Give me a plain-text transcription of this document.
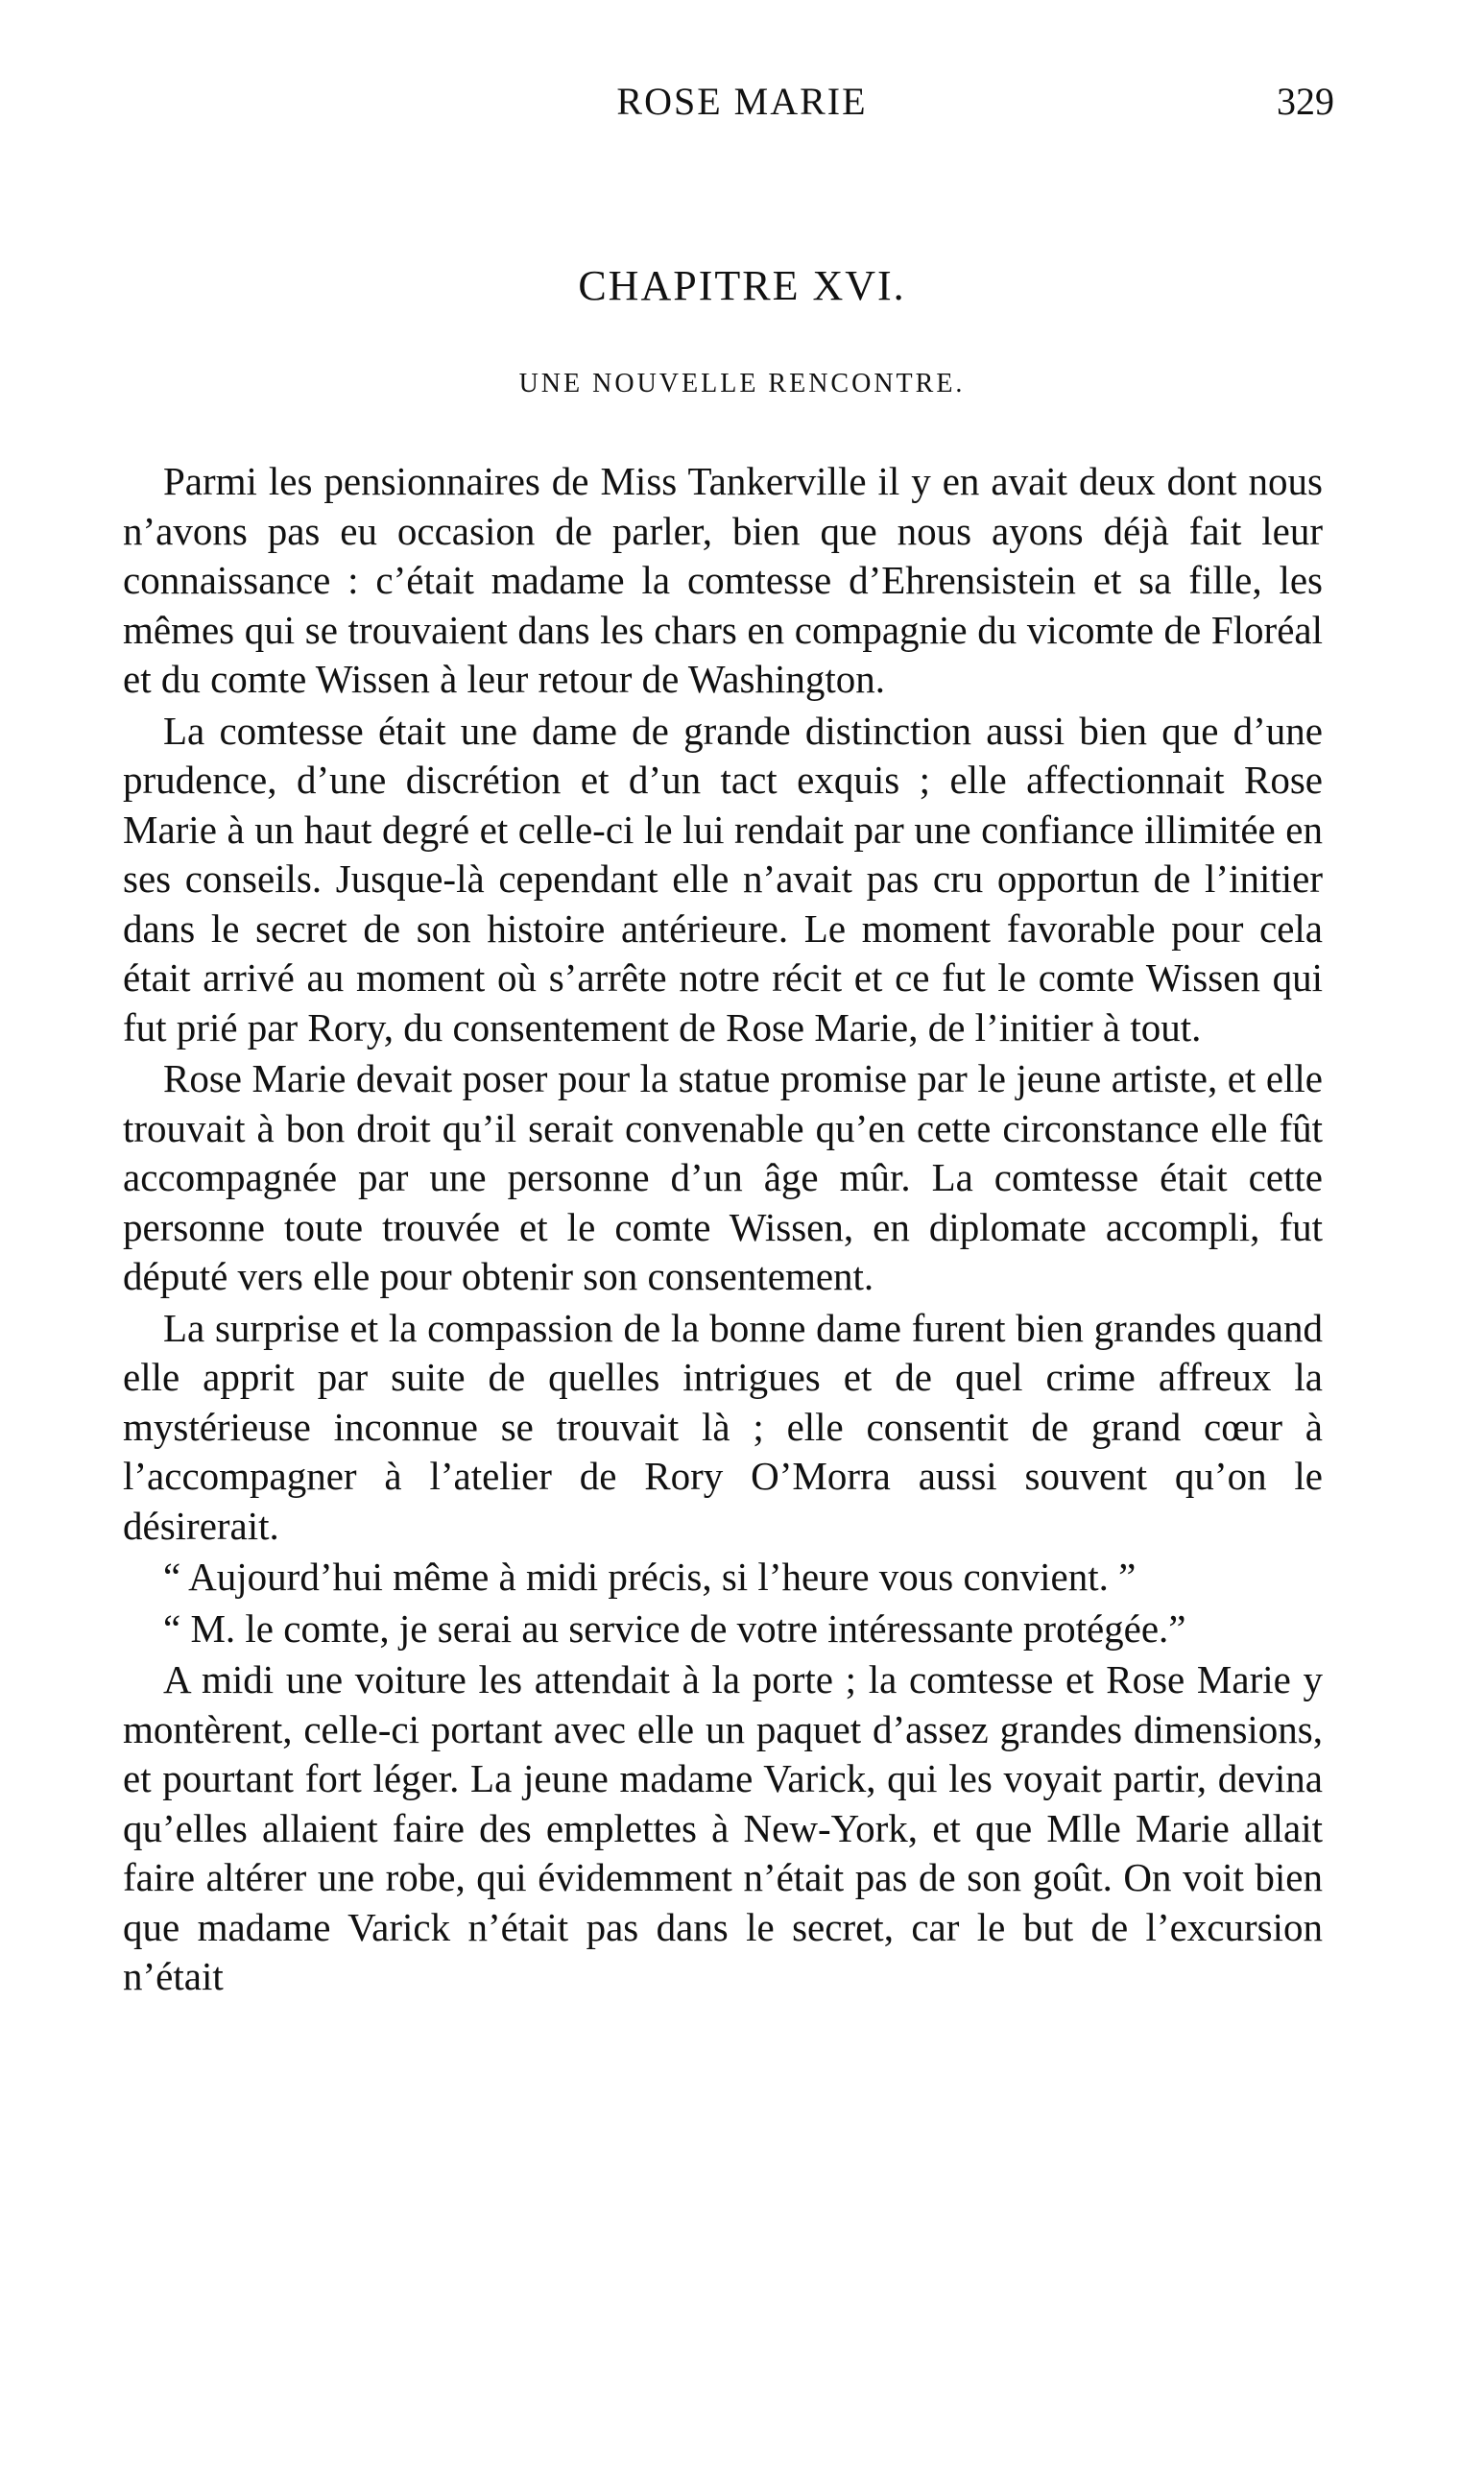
ROSE MARIE	329
CHAPITRE XVI.
UNE NOUVELLE RENCONTRE.

Parmi les pensionnaires de Miss Tankerville il y en avait deux dont nous n’avons pas eu occasion de parler, bien que nous ayons déjà fait leur connaissance : c’était madame la comtesse d’Ehrensistein et sa fille, les mêmes qui se trouvaient dans les chars en compagnie du vicomte de Floréal et du comte Wissen à leur retour de Washington.

La comtesse était une dame de grande distinction aussi bien que d’une prudence, d’une discrétion et d’un tact exquis ; elle affectionnait Rose Marie à un haut degré et celle-ci le lui rendait par une confiance illimitée en ses conseils. Jusque-là cependant elle n’avait pas cru opportun de l’initier dans le secret de son histoire antérieure. Le moment favorable pour cela était arrivé au moment où s’arrête notre récit et ce fut le comte Wissen qui fut prié par Rory, du consentement de Rose Marie, de l’initier à tout.

Rose Marie devait poser pour la statue promise par le jeune artiste, et elle trouvait à bon droit qu’il serait convenable qu’en cette circonstance elle fût accompagnée par une personne d’un âge mûr. La comtesse était cette personne toute trouvée et le comte Wissen, en diplomate accompli, fut député vers elle pour obtenir son consentement.

La surprise et la compassion de la bonne dame furent bien grandes quand elle apprit par suite de quelles intrigues et de quel crime affreux la mystérieuse inconnue se trouvait là ; elle consentit de grand cœur à l’accompagner à l’atelier de Rory O’Morra aussi souvent qu’on le désirerait.

“ Aujourd’hui même à midi précis, si l’heure vous convient. ”

“ M. le comte, je serai au service de votre intéressante protégée.”

A midi une voiture les attendait à la porte ; la comtesse et Rose Marie y montèrent, celle-ci portant avec elle un paquet d’assez grandes dimensions, et pourtant fort léger. La jeune madame Varick, qui les voyait partir, devina qu’elles allaient faire des emplettes à New-York, et que Mlle Marie allait faire altérer une robe, qui évidemment n’était pas de son goût. On voit bien que madame Varick n’était pas dans le secret, car le but de l’excursion n’était
